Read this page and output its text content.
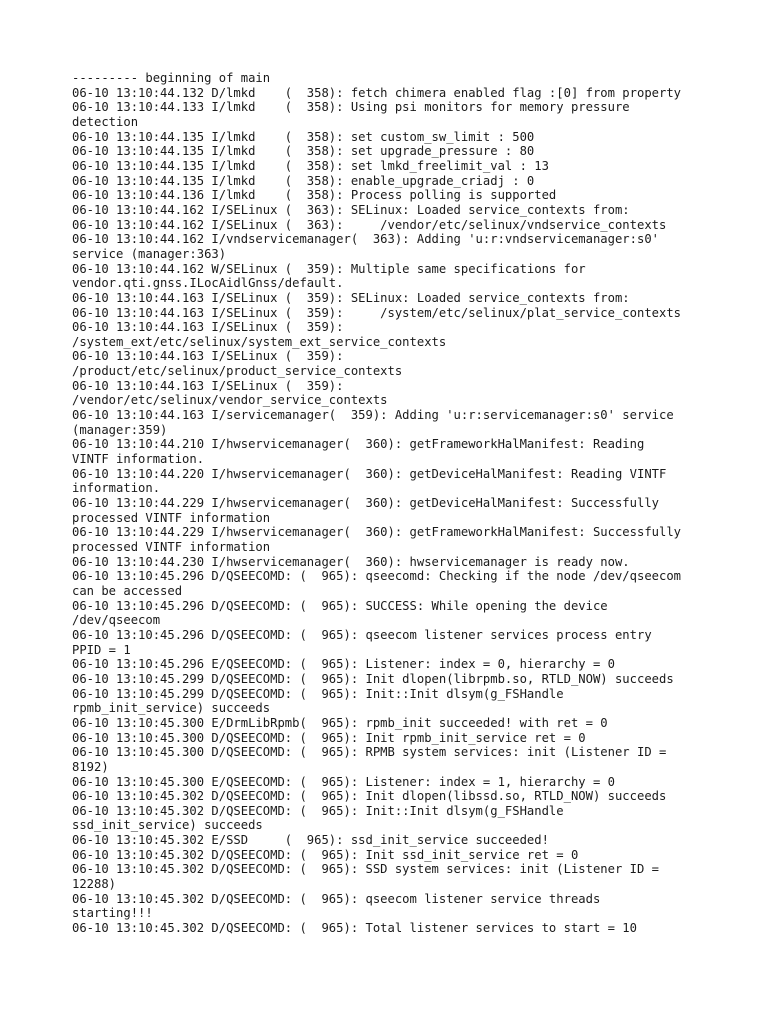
--------- beginning of main
06-10 13:10:44.132 D/lmkd    (  358): fetch chimera enabled flag :[0] from property
06-10 13:10:44.133 I/lmkd    (  358): Using psi monitors for memory pressure
detection
06-10 13:10:44.135 I/lmkd    (  358): set custom_sw_limit : 500
06-10 13:10:44.135 I/lmkd    (  358): set upgrade_pressure : 80
06-10 13:10:44.135 I/lmkd    (  358): set lmkd_freelimit_val : 13
06-10 13:10:44.135 I/lmkd    (  358): enable_upgrade_criadj : 0
06-10 13:10:44.136 I/lmkd    (  358): Process polling is supported
06-10 13:10:44.162 I/SELinux (  363): SELinux: Loaded service_contexts from:
06-10 13:10:44.162 I/SELinux (  363):     /vendor/etc/selinux/vndservice_contexts
06-10 13:10:44.162 I/vndservicemanager(  363): Adding 'u:r:vndservicemanager:s0'
service (manager:363)
06-10 13:10:44.162 W/SELinux (  359): Multiple same specifications for
vendor.qti.gnss.ILocAidlGnss/default.
06-10 13:10:44.163 I/SELinux (  359): SELinux: Loaded service_contexts from:
06-10 13:10:44.163 I/SELinux (  359):     /system/etc/selinux/plat_service_contexts
06-10 13:10:44.163 I/SELinux (  359):
/system_ext/etc/selinux/system_ext_service_contexts
06-10 13:10:44.163 I/SELinux (  359):
/product/etc/selinux/product_service_contexts
06-10 13:10:44.163 I/SELinux (  359):
/vendor/etc/selinux/vendor_service_contexts
06-10 13:10:44.163 I/servicemanager(  359): Adding 'u:r:servicemanager:s0' service
(manager:359)
06-10 13:10:44.210 I/hwservicemanager(  360): getFrameworkHalManifest: Reading
VINTF information.
06-10 13:10:44.220 I/hwservicemanager(  360): getDeviceHalManifest: Reading VINTF
information.
06-10 13:10:44.229 I/hwservicemanager(  360): getDeviceHalManifest: Successfully
processed VINTF information
06-10 13:10:44.229 I/hwservicemanager(  360): getFrameworkHalManifest: Successfully
processed VINTF information
06-10 13:10:44.230 I/hwservicemanager(  360): hwservicemanager is ready now.
06-10 13:10:45.296 D/QSEECOMD: (  965): qseecomd: Checking if the node /dev/qseecom
can be accessed
06-10 13:10:45.296 D/QSEECOMD: (  965): SUCCESS: While opening the device
/dev/qseecom
06-10 13:10:45.296 D/QSEECOMD: (  965): qseecom listener services process entry
PPID = 1
06-10 13:10:45.296 E/QSEECOMD: (  965): Listener: index = 0, hierarchy = 0
06-10 13:10:45.299 D/QSEECOMD: (  965): Init dlopen(librpmb.so, RTLD_NOW) succeeds
06-10 13:10:45.299 D/QSEECOMD: (  965): Init::Init dlsym(g_FSHandle
rpmb_init_service) succeeds
06-10 13:10:45.300 E/DrmLibRpmb(  965): rpmb_init succeeded! with ret = 0
06-10 13:10:45.300 D/QSEECOMD: (  965): Init rpmb_init_service ret = 0
06-10 13:10:45.300 D/QSEECOMD: (  965): RPMB system services: init (Listener ID =
8192)
06-10 13:10:45.300 E/QSEECOMD: (  965): Listener: index = 1, hierarchy = 0
06-10 13:10:45.302 D/QSEECOMD: (  965): Init dlopen(libssd.so, RTLD_NOW) succeeds
06-10 13:10:45.302 D/QSEECOMD: (  965): Init::Init dlsym(g_FSHandle
ssd_init_service) succeeds
06-10 13:10:45.302 E/SSD     (  965): ssd_init_service succeeded!
06-10 13:10:45.302 D/QSEECOMD: (  965): Init ssd_init_service ret = 0
06-10 13:10:45.302 D/QSEECOMD: (  965): SSD system services: init (Listener ID =
12288)
06-10 13:10:45.302 D/QSEECOMD: (  965): qseecom listener service threads
starting!!!
06-10 13:10:45.302 D/QSEECOMD: (  965): Total listener services to start = 10
